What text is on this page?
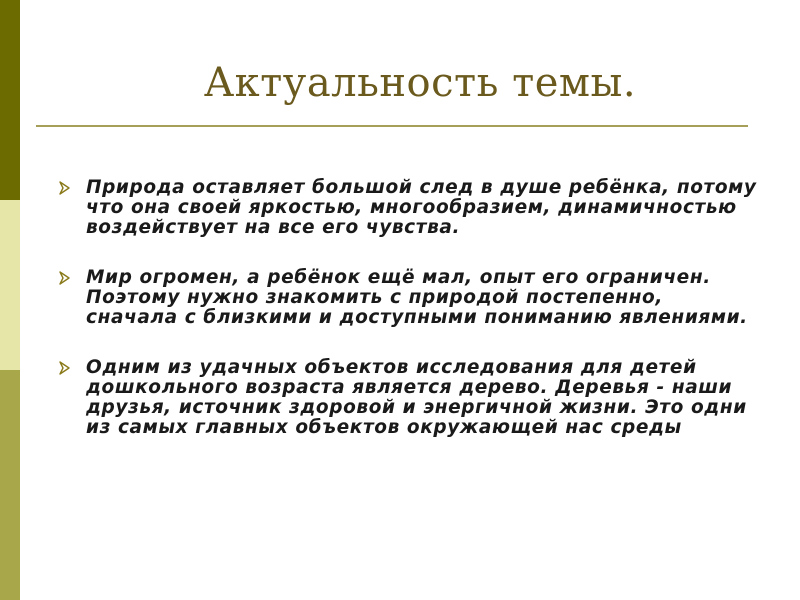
Актуальность темы.
Природа оставляет большой след в душе ребёнка, потому что она своей яркостью, многообразием, динамичностью воздействует на все его чувства.
Мир огромен, а ребёнок ещё мал, опыт его ограничен. Поэтому нужно знакомить с природой постепенно, сначала с близкими и доступными пониманию явлениями.
Одним из удачных объектов исследования для детей дошкольного возраста является дерево. Деревья - наши друзья, источник здоровой и энергичной жизни. Это одни из самых главных объектов окружающей нас среды
